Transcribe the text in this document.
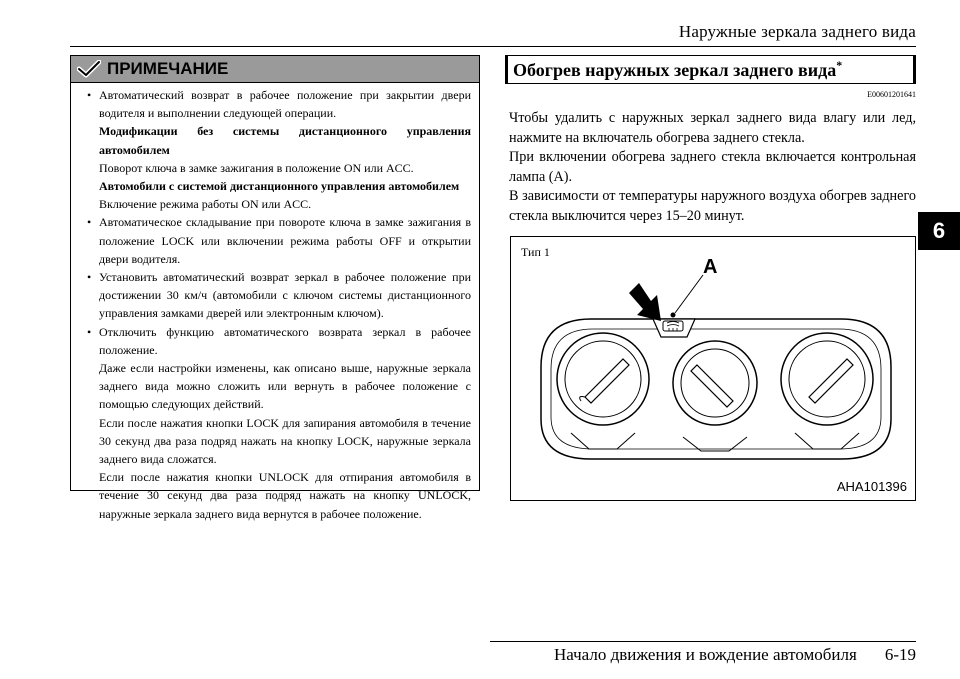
Наружные зеркала заднего вида
6
ПРИМЕЧАНИЕ

• Автоматический возврат в рабочее положение при закрытии двери водителя и выполнении следующей операции.

Модификации без системы дистанционного управления автомобилем

Поворот ключа в замке зажигания в положение ON или ACC.

Автомобили с системой дистанционного управления автомобилем

Включение режима работы ON или ACC.

• Автоматическое складывание при повороте ключа в замке зажигания в положение LOCK или включении режима работы OFF и открытии двери водителя.

• Установить автоматический возврат зеркал в рабочее положение при достижении 30 км/ч (автомобили с ключом системы дистанционного управления замками дверей или электронным ключом).

• Отключить функцию автоматического возврата зеркал в рабочее положение.

Даже если настройки изменены, как описано выше, наружные зеркала заднего вида можно сложить или вернуть в рабочее положение с помощью следующих действий.

Если после нажатия кнопки LOCK для запирания автомобиля в течение 30 секунд два раза подряд нажать на кнопку LOCK, наружные зеркала заднего вида сложатся.

Если после нажатия кнопки UNLOCK для отпирания автомобиля в течение 30 секунд два раза подряд нажать на кнопку UNLOCK, наружные зеркала заднего вида вернутся в рабочее положение.

Обогрев наружных зеркал заднего вида*
E00601201641

Чтобы удалить с наружных зеркал заднего вида влагу или лед, нажмите на включатель обогрева заднего стекла.

При включении обогрева заднего стекла включается контрольная лампа (A).

В зависимости от температуры наружного воздуха обогрев заднего стекла выключится через 15–20 минут.

Тип 1
A
AHA101396
Начало движения и вождение автомобиля 6-19
